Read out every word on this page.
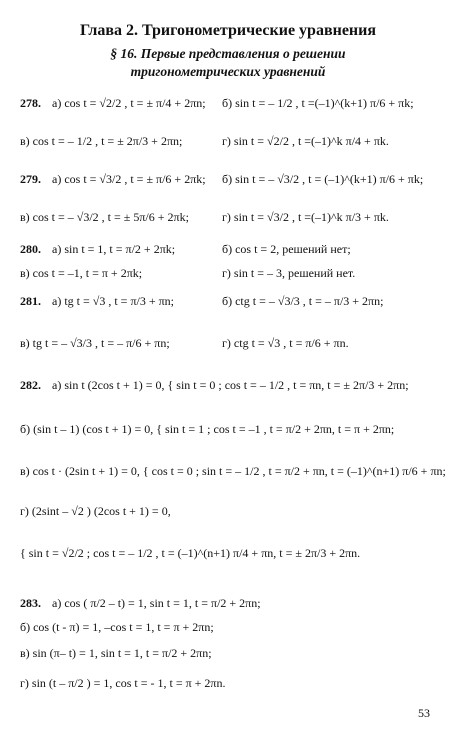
Глава 2. Тригонометрические уравнения
§ 16. Первые представления о решении
тригонометрических уравнений
278. а) cos t = √2/2 , t = ± π/4 + 2πn; б) sin t = – 1/2 , t =(–1)^(k+1) π/6 + πk;
в) cos t = – 1/2 , t = ± 2π/3 + 2πn;	г) sin t = √2/2 , t =(–1)^k π/4 + πk.
279. а) cos t = √3/2 , t = ± π/6 + 2πk; б) sin t = – √3/2 , t = (–1)^(k+1) π/6 + πk;
в) cos t = – √3/2 , t = ± 5π/6 + 2πk;	г) sin t = √3/2 , t =(–1)^k π/3 + πk.
280. а) sin t = 1, t = π/2 + 2πk;	б) cos t = 2, решений нет;
в) cos t = –1, t = π + 2πk;	г) sin t = – 3, решений нет.
281. а) tg t = √3 , t = π/3 + πn;	б) ctg t = – √3/3 , t = – π/3 + 2πn;
в) tg t = – √3/3 , t = – π/6 + πn;	г) ctg t = √3 , t = π/6 + πn.
282. а) sin t (2cos t + 1) = 0, { sin t = 0 ; cos t = – 1/2 , t = πn, t = ± 2π/3 + 2πn;
б) (sin t – 1) (cos t + 1) = 0, { sin t = 1 ; cos t = –1 , t = π/2 + 2πn, t = π + 2πn;
в) cos t · (2sin t + 1) = 0, { cos t = 0 ; sin t = – 1/2 , t = π/2 + πn, t = (–1)^(n+1) π/6 + πn;
г) (2sint – √2 ) (2cos t + 1) = 0,
{ sin t = √2/2 ; cos t = – 1/2 , t = (–1)^(n+1) π/4 + πn, t = ± 2π/3 + 2πn.
283. а) cos ( π/2 – t) = 1, sin t = 1, t = π/2 + 2πn;
б) cos (t - π) = 1, –cos t = 1, t = π + 2πn;
в) sin (π– t) = 1, sin t = 1, t = π/2 + 2πn;
г) sin (t – π/2 ) = 1, cos t = - 1, t = π + 2πn.
53
